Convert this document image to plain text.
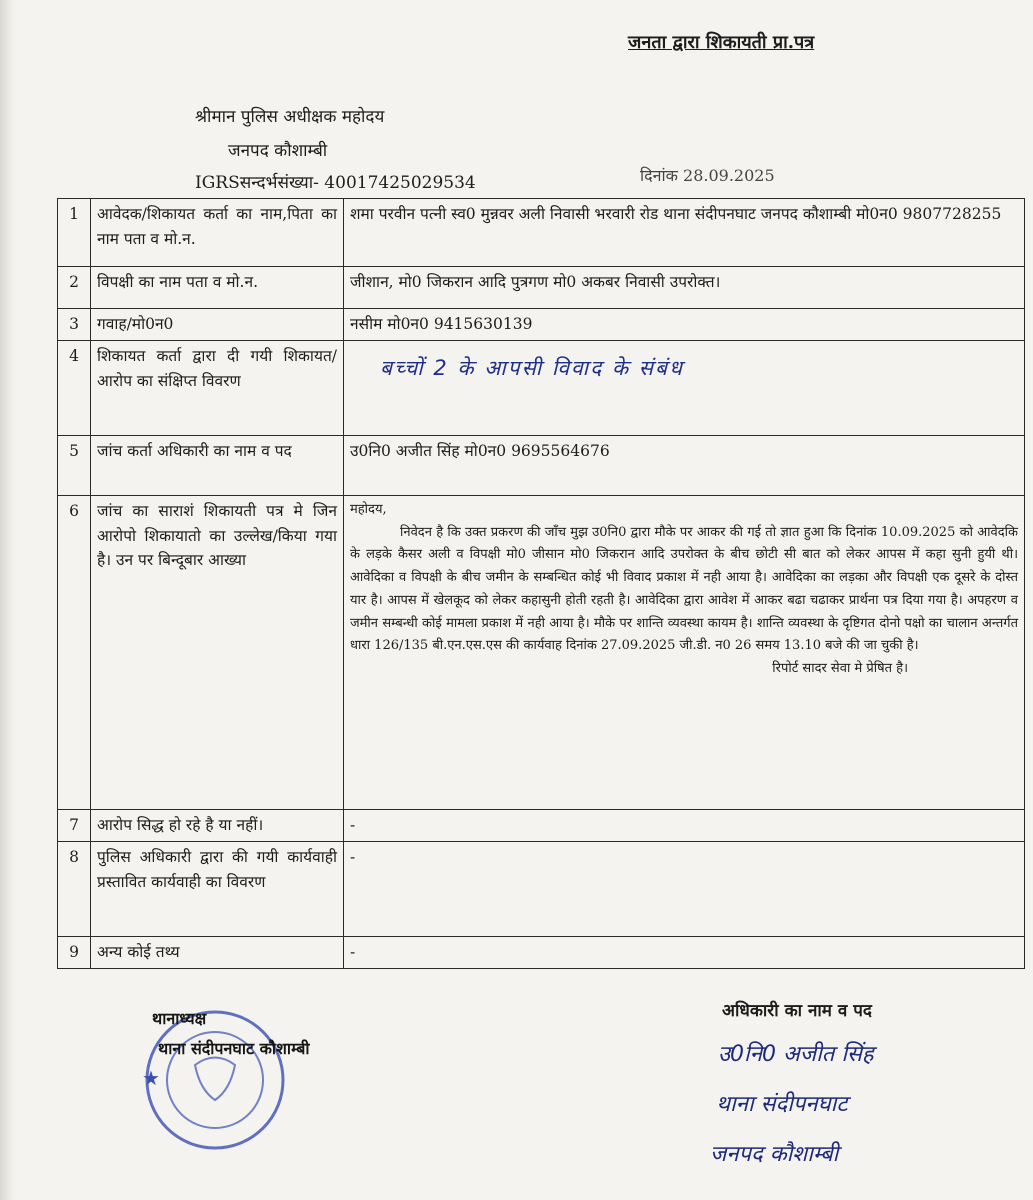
जनता द्वारा शिकायती प्रा.पत्र
श्रीमान पुलिस अधीक्षक महोदय
जनपद कौशाम्बी
IGRSसन्दर्भसंख्या- 40017425029534	दिनांक 28.09.2025
1	आवेदक/शिकायत कर्ता का नाम,पिता का नाम पता व मो.न.	शमा परवीन पत्नी स्व0 मुन्नवर अली निवासी भरवारी रोड थाना संदीपनघाट जनपद कौशाम्बी मो0न0 9807728255
2	विपक्षी का नाम पता व मो.न.	जीशान, मो0 जिकरान आदि पुत्रगण मो0 अकबर निवासी उपरोक्त।
3	गवाह/मो0न0	नसीम मो0न0 9415630139
4	शिकायत कर्ता द्वारा दी गयी शिकायत/आरोप का संक्षिप्त विवरण	बच्चों 2 के आपसी विवाद के संबंध

5	जांच कर्ता अधिकारी का नाम व पद	उ0नि0 अजीत सिंह मो0न0 9695564676
6	जांच का साराशं शिकायती पत्र मे जिन आरोपो शिकायातो का उल्लेख/किया गया है। उन पर बिन्दूबार आख्या	महोदय,

निवेदन है कि उक्त प्रकरण की जाँच मुझ उ0नि0 द्वारा मौके पर आकर की गई तो ज्ञात हुआ कि दिनांक 10.09.2025 को आवेदकि के लड़के कैसर अली व विपक्षी मो0 जीसान मो0 जिकरान आदि उपरोक्त के बीच छोटी सी बात को लेकर आपस में कहा सुनी हुयी थी। आवेदिका व विपक्षी के बीच जमीन के सम्बन्धित कोई भी विवाद प्रकाश में नही आया है। आवेदिका का लड़का और विपक्षी एक दूसरे के दोस्त यार है। आपस में खेलकूद को लेकर कहासुनी होती रहती है। आवेदिका द्वारा आवेश में आकर बढा चढाकर प्रार्थना पत्र दिया गया है। अपहरण व जमीन सम्बन्धी कोई मामला प्रकाश में नही आया है। मौके पर शान्ति व्यवस्था कायम है। शान्ति व्यवस्था के दृष्टिगत दोनो पक्षो का चालान अन्तर्गत धारा 126/135 बी.एन.एस.एस की कार्यवाह दिनांक 27.09.2025 जी.डी. न0 26 समय 13.10 बजे की जा चुकी है।

रिपोर्ट सादर सेवा मे प्रेषित है।

7	आरोप सिद्ध हो रहे है या नहीं।	-
8	पुलिस अधिकारी द्वारा की गयी कार्यवाही प्रस्तावित कार्यवाही का विवरण	-
9	अन्य कोई तथ्य	-
★
थानाध्यक्ष
थाना संदीपनघाट कौशाम्बी
अधिकारी का नाम व पद
उ0नि0 अजीत सिंह
थाना संदीपनघाट
जनपद कौशाम्बी
